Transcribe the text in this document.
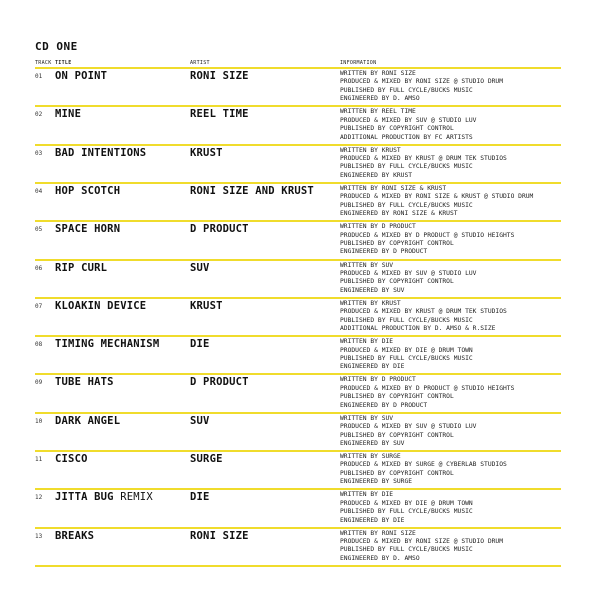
CD ONE
TRACK TITLE	ARTIST	INFORMATION
01 ON POINT	RONI SIZE	WRITTEN BY RONI SIZE
PRODUCED & MIXED BY RONI SIZE @ STUDIO DRUM
PUBLISHED BY FULL CYCLE/BUCKS MUSIC
ENGINEERED BY D. AMSO
02 MINE	REEL TIME	WRITTEN BY REEL TIME
PRODUCED & MIXED BY SUV @ STUDIO LUV
PUBLISHED BY COPYRIGHT CONTROL
ADDITIONAL PRODUCTION BY FC ARTISTS
03 BAD INTENTIONS	KRUST	WRITTEN BY KRUST
PRODUCED & MIXED BY KRUST @ DRUM TEK STUDIOS
PUBLISHED BY FULL CYCLE/BUCKS MUSIC
ENGINEERED BY KRUST
04 HOP SCOTCH	RONI SIZE AND KRUST	WRITTEN BY RONI SIZE & KRUST
PRODUCED & MIXED BY RONI SIZE & KRUST @ STUDIO DRUM
PUBLISHED BY FULL CYCLE/BUCKS MUSIC
ENGINEERED BY RONI SIZE & KRUST
05 SPACE HORN	D PRODUCT	WRITTEN BY D PRODUCT
PRODUCED & MIXED BY D PRODUCT @ STUDIO HEIGHTS
PUBLISHED BY COPYRIGHT CONTROL
ENGINEERED BY D PRODUCT
06 RIP CURL	SUV	WRITTEN BY SUV
PRODUCED & MIXED BY SUV @ STUDIO LUV
PUBLISHED BY COPYRIGHT CONTROL
ENGINEERED BY SUV
07 KLOAKIN DEVICE	KRUST	WRITTEN BY KRUST
PRODUCED & MIXED BY KRUST @ DRUM TEK STUDIOS
PUBLISHED BY FULL CYCLE/BUCKS MUSIC
ADDITIONAL PRODUCTION BY D. AMSO & R.SIZE
08 TIMING MECHANISM	DIE	WRITTEN BY DIE
PRODUCED & MIXED BY DIE @ DRUM TOWN
PUBLISHED BY FULL CYCLE/BUCKS MUSIC
ENGINEERED BY DIE
09 TUBE HATS	D PRODUCT	WRITTEN BY D PRODUCT
PRODUCED & MIXED BY D PRODUCT @ STUDIO HEIGHTS
PUBLISHED BY COPYRIGHT CONTROL
ENGINEERED BY D PRODUCT
10 DARK ANGEL	SUV	WRITTEN BY SUV
PRODUCED & MIXED BY SUV @ STUDIO LUV
PUBLISHED BY COPYRIGHT CONTROL
ENGINEERED BY SUV
11 CISCO	SURGE	WRITTEN BY SURGE
PRODUCED & MIXED BY SURGE @ CYBERLAB STUDIOS
PUBLISHED BY COPYRIGHT CONTROL
ENGINEERED BY SURGE
12 JITTA BUG REMIX	DIE	WRITTEN BY DIE
PRODUCED & MIXED BY DIE @ DRUM TOWN
PUBLISHED BY FULL CYCLE/BUCKS MUSIC
ENGINEERED BY DIE
13 BREAKS	RONI SIZE	WRITTEN BY RONI SIZE
PRODUCED & MIXED BY RONI SIZE @ STUDIO DRUM
PUBLISHED BY FULL CYCLE/BUCKS MUSIC
ENGINEERED BY D. AMSO
